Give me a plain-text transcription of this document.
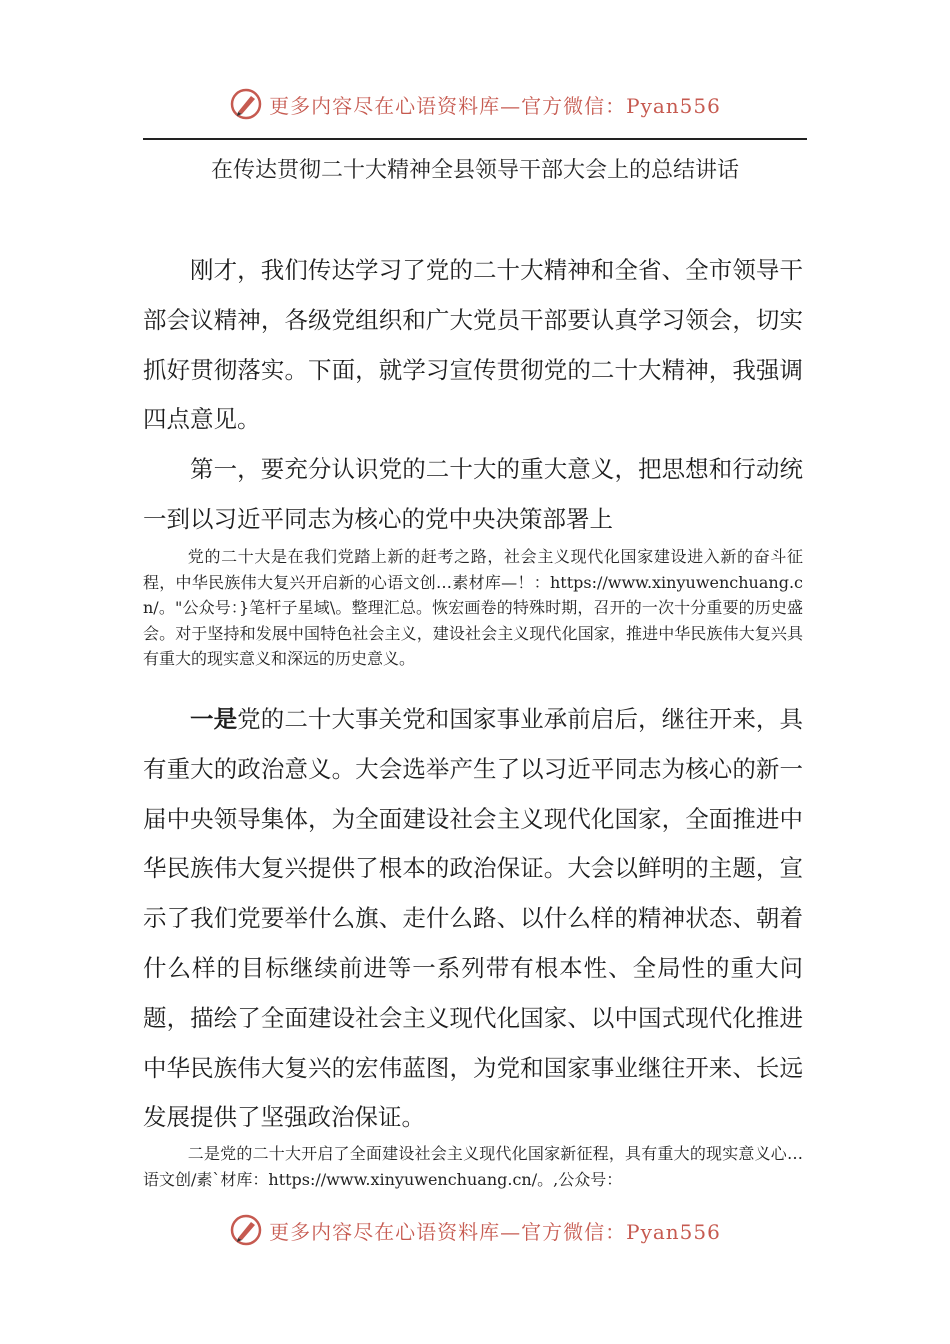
更多内容尽在心语资料库—官方微信：Pyan556
在传达贯彻二十大精神全县领导干部大会上的总结讲话

刚才，我们传达学习了党的二十大精神和全省、全市领导干部会议精神，各级党组织和广大党员干部要认真学习领会，切实抓好贯彻落实。下面，就学习宣传贯彻党的二十大精神，我强调四点意见。

第一，要充分认识党的二十大的重大意义，把思想和行动统一到以习近平同志为核心的党中央决策部署上

党的二十大是在我们党踏上新的赶考之路，社会主义现代化国家建设进入新的奋斗征程，中华民族伟大复兴开启新的心语文创…素材库—！：https://www.xinyuwenchuang.cn/。"公众号：}笔杆子星域\。整理汇总。恢宏画卷的特殊时期，召开的一次十分重要的历史盛会。对于坚持和发展中国特色社会主义，建设社会主义现代化国家，推进中华民族伟大复兴具有重大的现实意义和深远的历史意义。

一是党的二十大事关党和国家事业承前启后，继往开来，具有重大的政治意义。大会选举产生了以习近平同志为核心的新一届中央领导集体，为全面建设社会主义现代化国家，全面推进中华民族伟大复兴提供了根本的政治保证。大会以鲜明的主题，宣示了我们党要举什么旗、走什么路、以什么样的精神状态、朝着什么样的目标继续前进等一系列带有根本性、全局性的重大问题，描绘了全面建设社会主义现代化国家、以中国式现代化推进中华民族伟大复兴的宏伟蓝图，为党和国家事业继往开来、长远发展提供了坚强政治保证。

二是党的二十大开启了全面建设社会主义现代化国家新征程，具有重大的现实意义心…语文创/素`材库：https://www.xinyuwenchuang.cn/。,公众号：

更多内容尽在心语资料库—官方微信：Pyan556
